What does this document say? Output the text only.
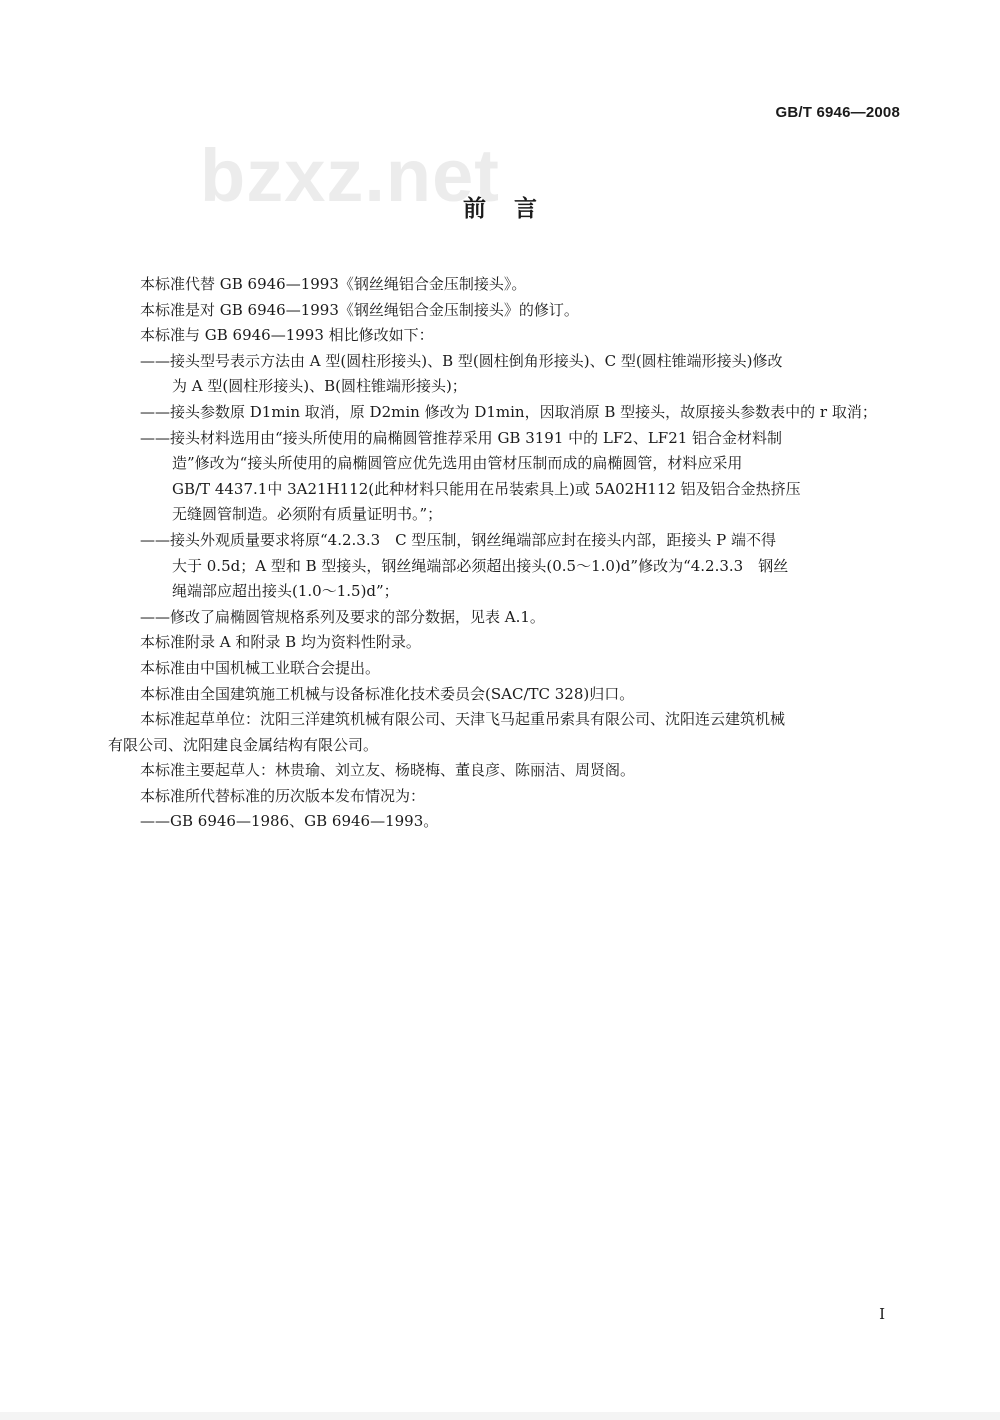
GB/T 6946—2008
bzxz.net
前言
本标准代替 GB 6946—1993《钢丝绳铝合金压制接头》。
本标准是对 GB 6946—1993《钢丝绳铝合金压制接头》的修订。
本标准与 GB 6946—1993 相比修改如下：
——接头型号表示方法由 A 型(圆柱形接头)、B 型(圆柱倒角形接头)、C 型(圆柱锥端形接头)修改
为 A 型(圆柱形接头)、B(圆柱锥端形接头)；
——接头参数原 D1min 取消，原 D2min 修改为 D1min，因取消原 B 型接头，故原接头参数表中的 r 取消；
——接头材料选用由“接头所使用的扁椭圆管推荐采用 GB 3191 中的 LF2、LF21 铝合金材料制
造”修改为“接头所使用的扁椭圆管应优先选用由管材压制而成的扁椭圆管，材料应采用
GB/T 4437.1中 3A21H112(此种材料只能用在吊装索具上)或 5A02H112 铝及铝合金热挤压
无缝圆管制造。必须附有质量证明书。”；
——接头外观质量要求将原“4.2.3.3　C 型压制，钢丝绳端部应封在接头内部，距接头 P 端不得
大于 0.5d；A 型和 B 型接头，钢丝绳端部必须超出接头(0.5～1.0)d”修改为“4.2.3.3　钢丝
绳端部应超出接头(1.0～1.5)d”；
——修改了扁椭圆管规格系列及要求的部分数据，见表 A.1。
本标准附录 A 和附录 B 均为资料性附录。
本标准由中国机械工业联合会提出。
本标准由全国建筑施工机械与设备标准化技术委员会(SAC/TC 328)归口。
本标准起草单位：沈阳三洋建筑机械有限公司、天津飞马起重吊索具有限公司、沈阳连云建筑机械
有限公司、沈阳建良金属结构有限公司。
本标准主要起草人：林贵瑜、刘立友、杨晓梅、董良彦、陈丽洁、周贤阁。
本标准所代替标准的历次版本发布情况为：
——GB 6946—1986、GB 6946—1993。
I
